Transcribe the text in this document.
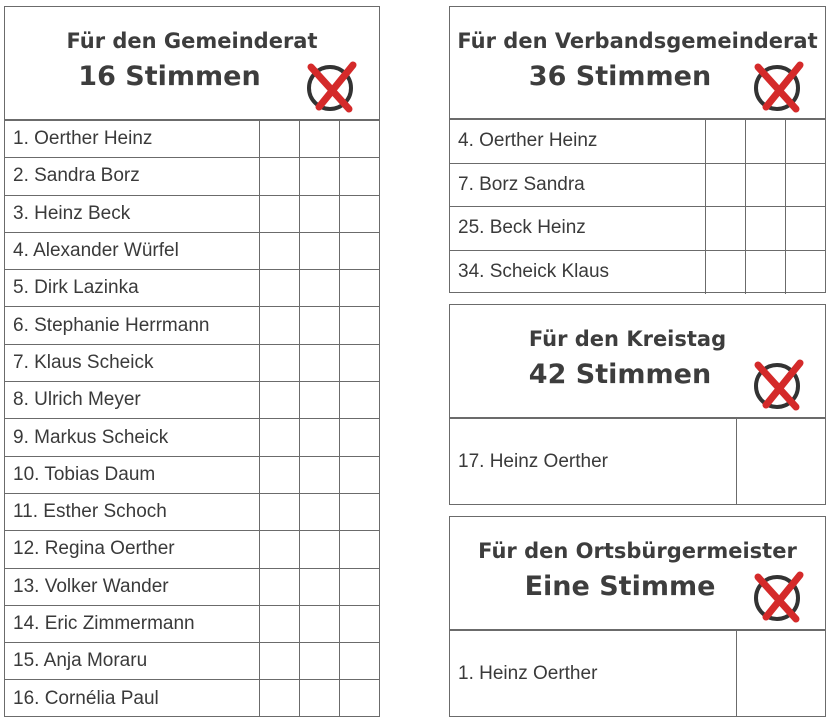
Für den Gemeinderat
16 Stimmen
1. Oerther Heinz			
2. Sandra Borz			
3. Heinz Beck			
4. Alexander Würfel			
5. Dirk Lazinka			
6. Stephanie Herrmann			
7. Klaus Scheick			
8. Ulrich Meyer			
9. Markus Scheick			
10. Tobias Daum			
11. Esther Schoch			
12. Regina Oerther			
13. Volker Wander			
14. Eric Zimmermann			
15. Anja Moraru			
16. Cornélia Paul			
Für den Verbandsgemeinderat
36 Stimmen
4. Oerther Heinz			
7. Borz Sandra			
25. Beck Heinz			
34. Scheick Klaus			
Für den Kreistag
42 Stimmen
17. Heinz Oerther	
Für den Ortsbürgermeister
Eine Stimme
1. Heinz Oerther	
